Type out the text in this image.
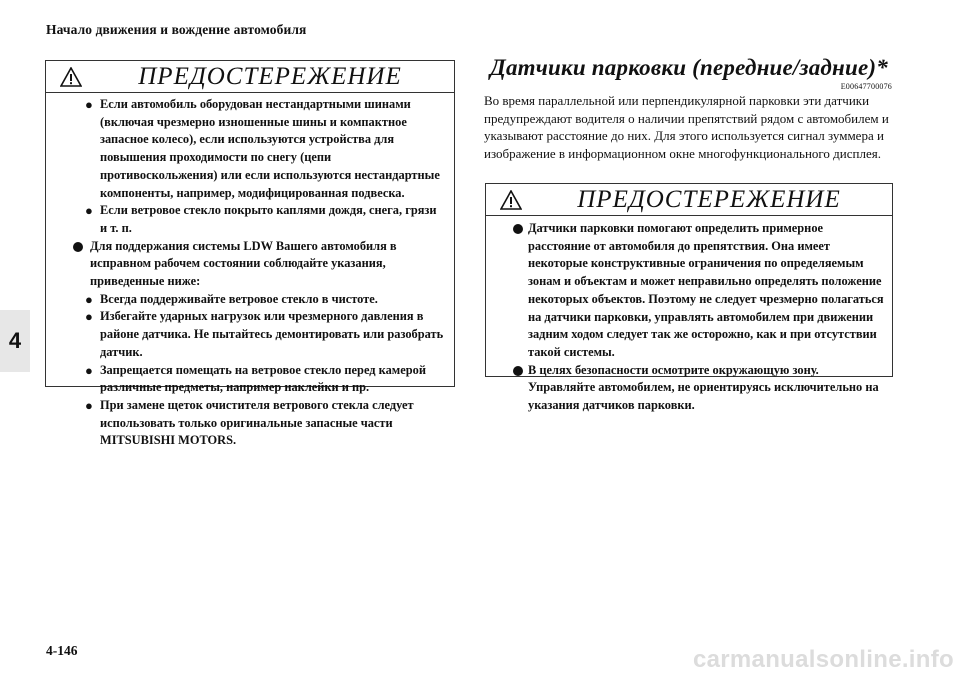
Начало движения и вождение автомобиля
4
ПРЕДОСТЕРЕЖЕНИЕ
● Если автомобиль оборудован нестандартными шинами (включая чрезмерно изношенные шины и компактное запасное колесо), если используются устройства для повышения проходимости по снегу (цепи противоскольжения) или если используются нестандартные компоненты, например, модифицированная подвеска.
● Если ветровое стекло покрыто каплями дождя, снега, грязи и т. п.
Для поддержания системы LDW Вашего автомобиля в исправном рабочем состоянии соблюдайте указания, приведенные ниже:
● Всегда поддерживайте ветровое стекло в чистоте.
● Избегайте ударных нагрузок или чрезмерного давления в районе датчика. Не пытайтесь демонтировать или разобрать датчик.
● Запрещается помещать на ветровое стекло перед камерой различные предметы, например наклейки и пр.
● При замене щеток очистителя ветрового стекла следует использовать только оригинальные запасные части MITSUBISHI MOTORS.
Датчики парковки (передние/задние)*
E00647700076
Во время параллельной или перпендикулярной парковки эти датчики предупреждают водителя о наличии препятствий рядом с автомобилем и указывают расстояние до них. Для этого используется сигнал зуммера и изображение в информационном окне многофункционального дисплея.
ПРЕДОСТЕРЕЖЕНИЕ
Датчики парковки помогают определить примерное расстояние от автомобиля до препятствия. Она имеет некоторые конструктивные ограничения по определяемым зонам и объектам и может неправильно определять положение некоторых объектов. Поэтому не следует чрезмерно полагаться на датчики парковки, управлять автомобилем при движении задним ходом следует так же осторожно, как и при отсутствии такой системы.
В целях безопасности осмотрите окружающую зону. Управляйте автомобилем, не ориентируясь исключительно на указания датчиков парковки.
4-146	carmanualsonline.info
